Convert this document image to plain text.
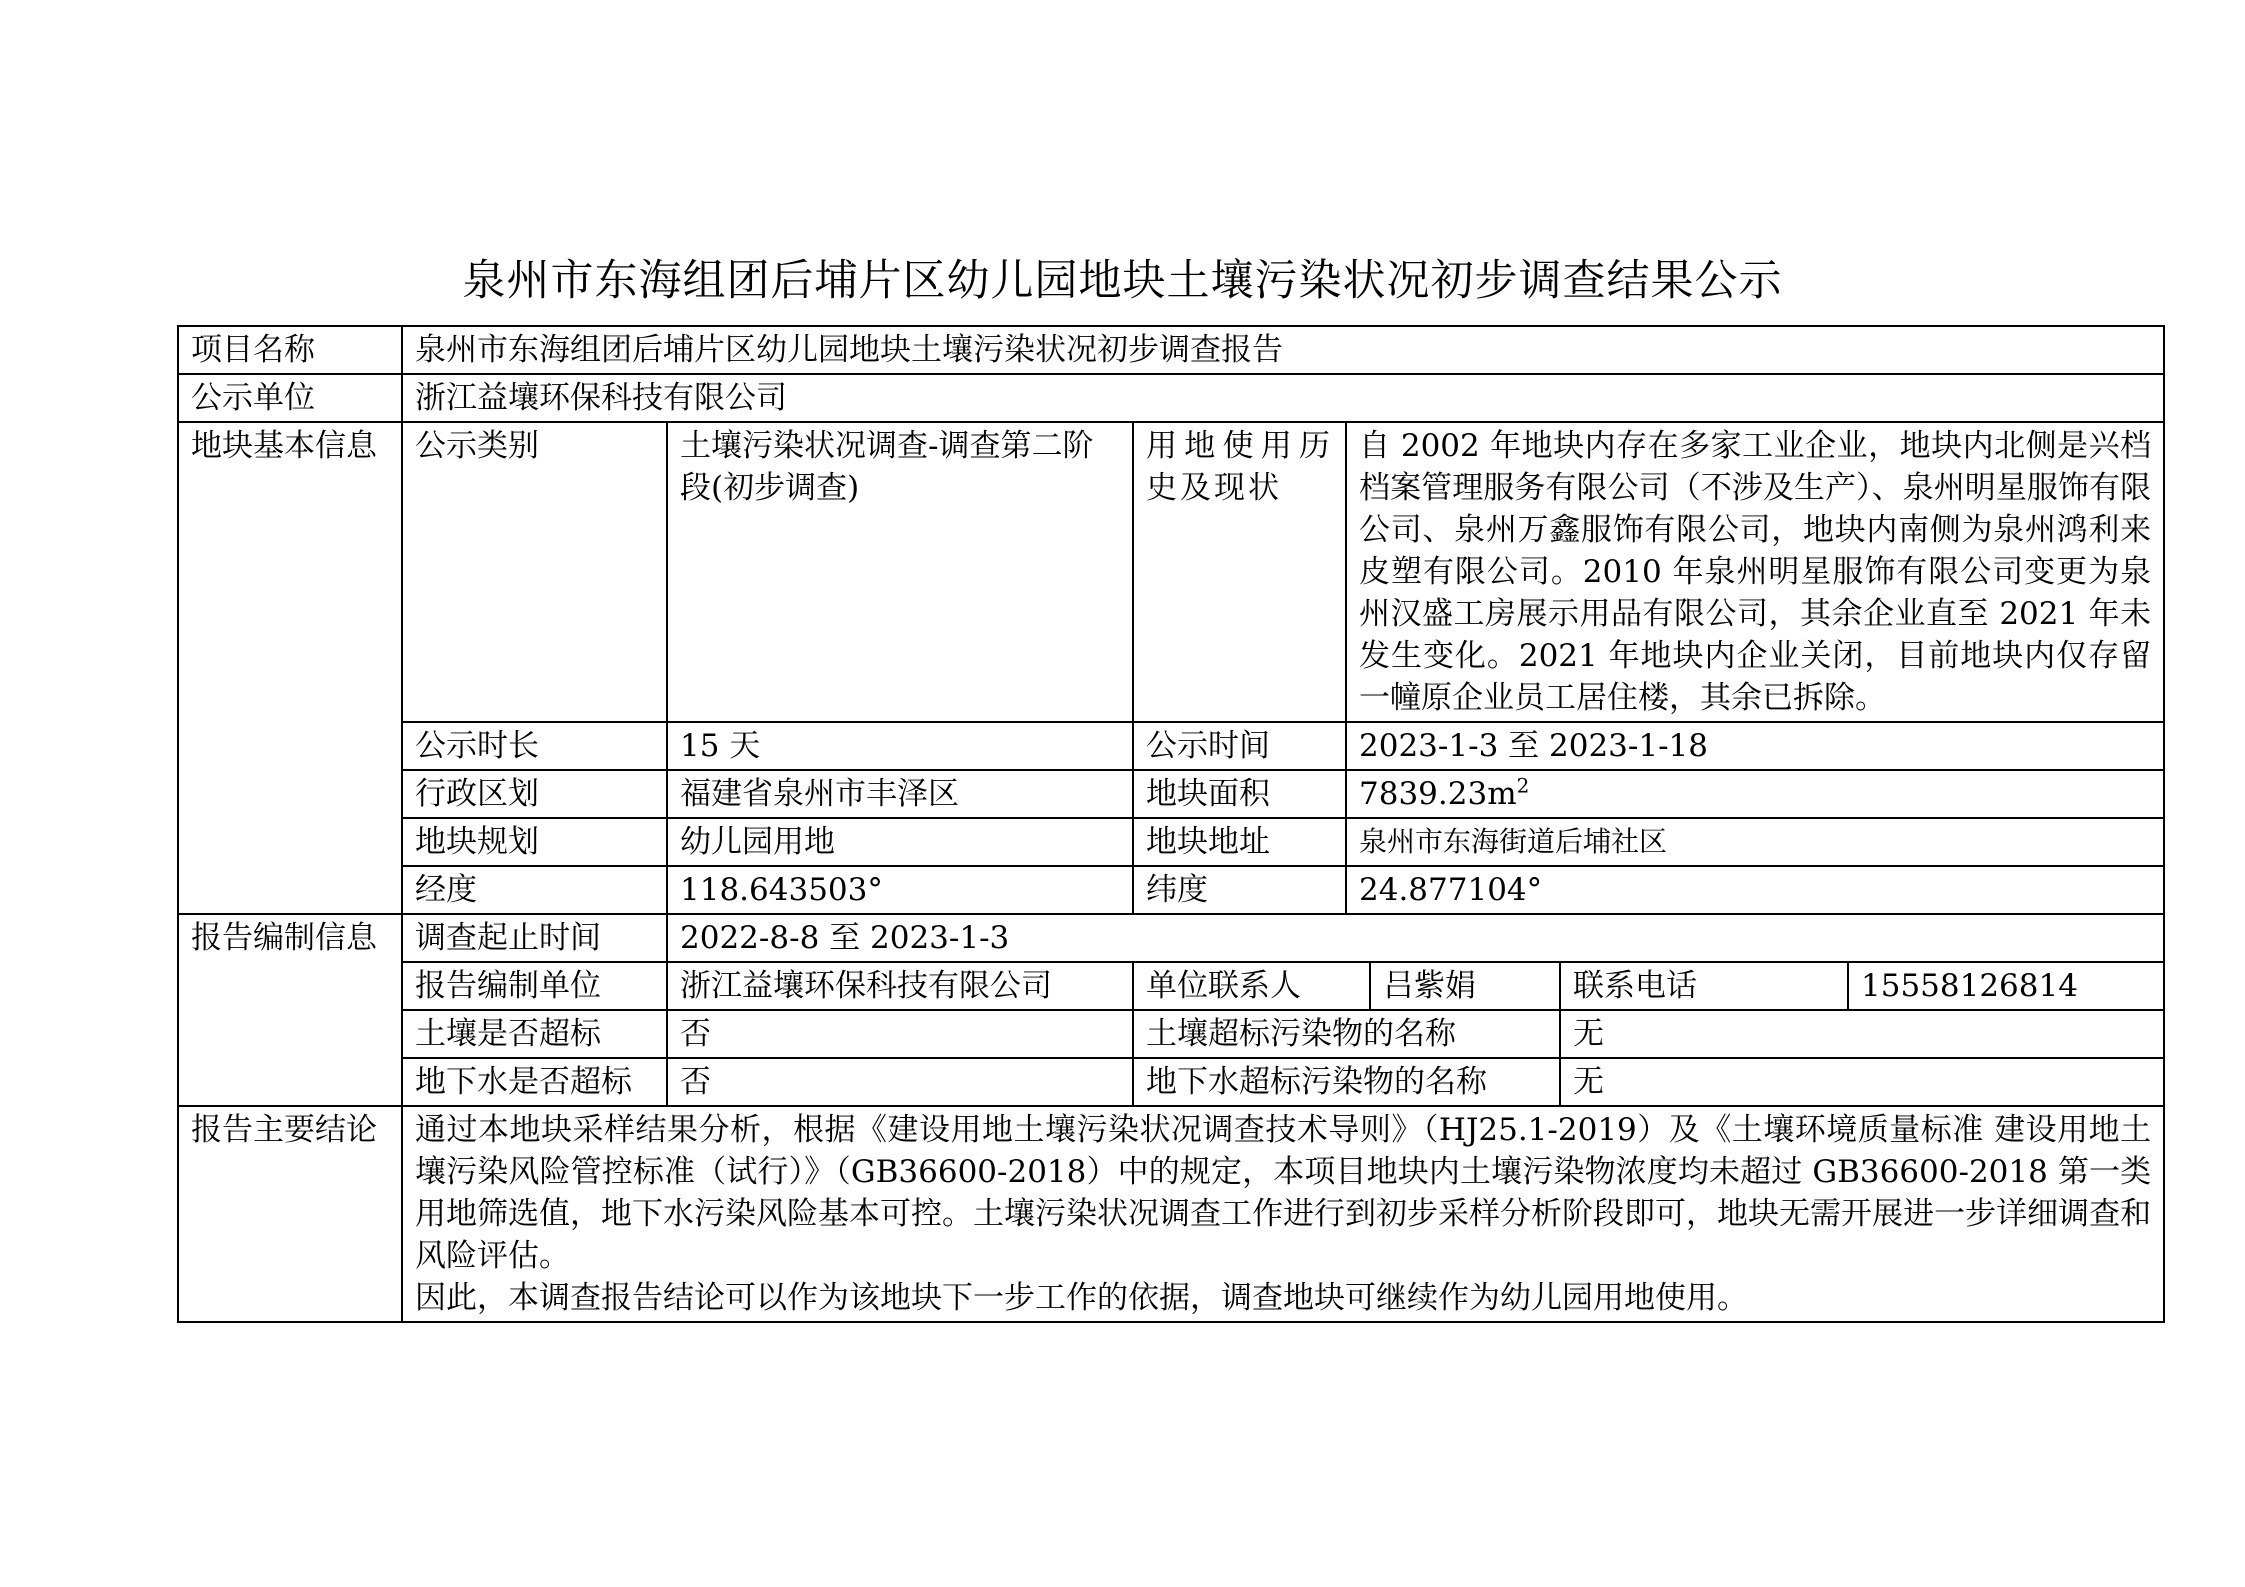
泉州市东海组团后埔片区幼儿园地块土壤污染状况初步调查结果公示
项目名称	泉州市东海组团后埔片区幼儿园地块土壤污染状况初步调查报告						
公示单位	浙江益壤环保科技有限公司						
地块基本信息	公示类别	土壤污染状况调查-调查第二阶段(初步调查)	用地使用历史及现状	自 2002 年地块内存在多家工业企业，地块内北侧是兴档档案管理服务有限公司（不涉及生产）、泉州明星服饰有限公司、泉州万鑫服饰有限公司，地块内南侧为泉州鸿利来皮塑有限公司。2010 年泉州明星服饰有限公司变更为泉州汉盛工房展示用品有限公司，其余企业直至 2021 年未发生变化。2021 年地块内企业关闭，目前地块内仅存留一幢原企业员工居住楼，其余已拆除。			
	公示时长	15 天	公示时间	2023-1-3 至 2023-1-18			
	行政区划	福建省泉州市丰泽区	地块面积	$7839.23m^2$
	地块规划	幼儿园用地	地块地址	泉州市东海街道后埔社区			
	经度	118.643503°	纬度	24.877104°			
报告编制信息	调查起止时间	2022-8-8 至 2023-1-3					
	报告编制单位	浙江益壤环保科技有限公司	单位联系人		吕紫娟	联系电话	15558126814
	土壤是否超标	否	土壤超标污染物的名称			无	
	地下水是否超标	否	地下水超标污染物的名称			无	
报告主要结论	通过本地块采样结果分析，根据《建设用地土壤污染状况调查技术导则》（HJ25.1-2019）及《土壤环境质量标准 建设用地土壤污染风险管控标准（试行）》（GB36600-2018）中的规定，本项目地块内土壤污染物浓度均未超过 GB36600-2018 第一类用地筛选值，地下水污染风险基本可控。土壤污染状况调查工作进行到初步采样分析阶段即可，地块无需开展进一步详细调查和风险评估。
因此，本调查报告结论可以作为该地块下一步工作的依据，调查地块可继续作为幼儿园用地使用。						
